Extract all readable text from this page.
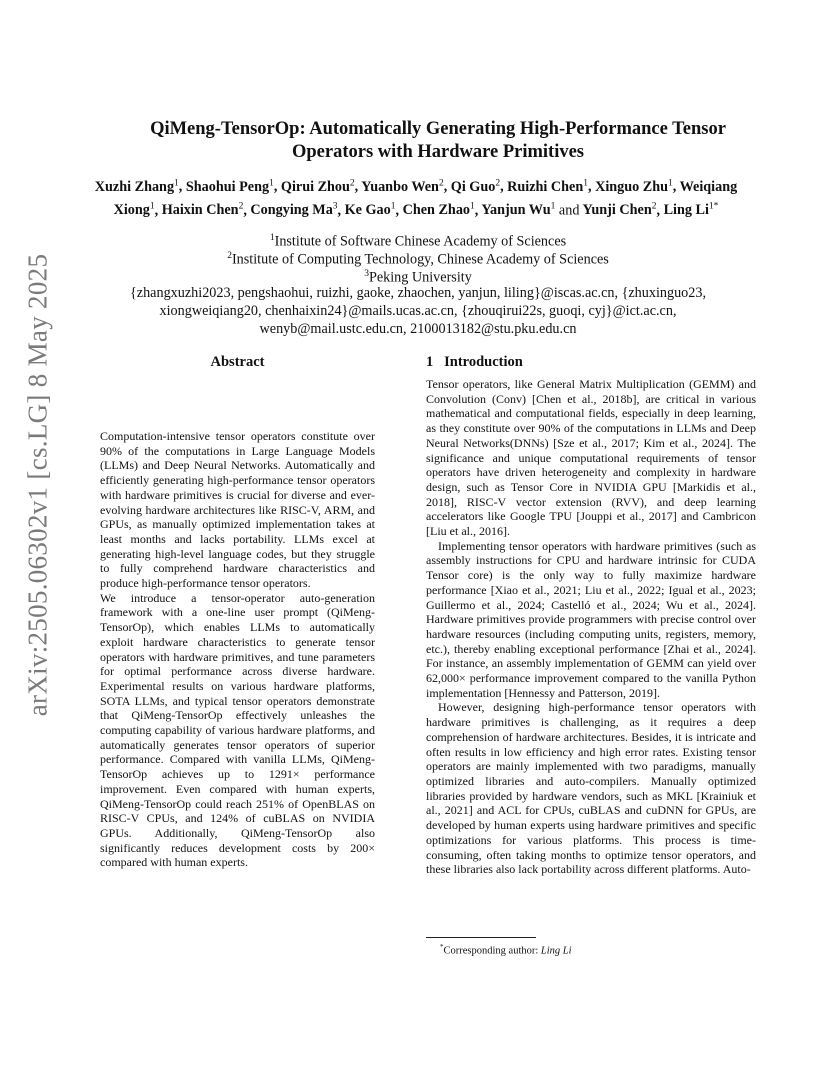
arXiv:2505.06302v1 [cs.LG] 8 May 2025
QiMeng-TensorOp: Automatically Generating High-Performance Tensor
Operators with Hardware Primitives
Xuzhi Zhang$^1$, Shaohui Peng$^1$, Qirui Zhou$^2$, Yuanbo Wen$^2$, Qi Guo$^2$, Ruizhi Chen$^1$, Xinguo Zhu$^1$, Weiqiang Xiong$^1$, Haixin Chen$^2$, Congying Ma$^3$, Ke Gao$^1$, Chen Zhao$^1$, Yanjun Wu$^1$ and Yunji Chen$^2$, Ling $Li^{1*}$
$^1$Institute of Software Chinese Academy of Sciences
$^2$Institute of Computing Technology, Chinese Academy of Sciences
$^3$Peking University
{zhangxuzhi2023, pengshaohui, ruizhi, gaoke, zhaochen, yanjun, liling}@iscas.ac.cn, {zhuxinguo23,
xiongweiqiang20, chenhaixin24}@mails.ucas.ac.cn, {zhouqirui22s, guoqi, cyj}@ict.ac.cn,
wenyb@mail.ustc.edu.cn, 2100013182@stu.pku.edu.cn
Abstract

Computation-intensive tensor operators constitute over 90% of the computations in Large Language Models (LLMs) and Deep Neural Networks. Automatically and efficiently generating high-performance tensor operators with hardware primitives is crucial for diverse and ever-evolving hardware architectures like RISC-V, ARM, and GPUs, as manually optimized implementation takes at least months and lacks portability. LLMs excel at generating high-level language codes, but they struggle to fully comprehend hardware characteristics and produce high-performance tensor operators.

We introduce a tensor-operator auto-generation framework with a one-line user prompt (QiMeng-TensorOp), which enables LLMs to automatically exploit hardware characteristics to generate tensor operators with hardware primitives, and tune parameters for optimal performance across diverse hardware. Experimental results on various hardware platforms, SOTA LLMs, and typical tensor operators demonstrate that QiMeng-TensorOp effectively unleashes the computing capability of various hardware platforms, and automatically generates tensor operators of superior performance. Compared with vanilla LLMs, QiMeng-TensorOp achieves up to 1291× performance improvement. Even compared with human experts, QiMeng-TensorOp could reach 251% of OpenBLAS on RISC-V CPUs, and 124% of cuBLAS on NVIDIA GPUs. Additionally, QiMeng-TensorOp also significantly reduces development costs by 200× compared with human experts.

1   Introduction

Tensor operators, like General Matrix Multiplication (GEMM) and Convolution (Conv) [Chen et al., 2018b], are critical in various mathematical and computational fields, especially in deep learning, as they constitute over 90% of the computations in LLMs and Deep Neural Networks(DNNs) [Sze et al., 2017; Kim et al., 2024]. The significance and unique computational requirements of tensor operators have driven heterogeneity and complexity in hardware design, such as Tensor Core in NVIDIA GPU [Markidis et al., 2018], RISC-V vector extension (RVV), and deep learning accelerators like Google TPU [Jouppi et al., 2017] and Cambricon [Liu et al., 2016].

Implementing tensor operators with hardware primitives (such as assembly instructions for CPU and hardware intrinsic for CUDA Tensor core) is the only way to fully maximize hardware performance [Xiao et al., 2021; Liu et al., 2022; Igual et al., 2023; Guillermo et al., 2024; Castelló et al., 2024; Wu et al., 2024]. Hardware primitives provide programmers with precise control over hardware resources (including computing units, registers, memory, etc.), thereby enabling exceptional performance [Zhai et al., 2024]. For instance, an assembly implementation of GEMM can yield over 62,000× performance improvement compared to the vanilla Python implementation [Hennessy and Patterson, 2019].

However, designing high-performance tensor operators with hardware primitives is challenging, as it requires a deep comprehension of hardware architectures. Besides, it is intricate and often results in low efficiency and high error rates. Existing tensor operators are mainly implemented with two paradigms, manually optimized libraries and auto-compilers. Manually optimized libraries provided by hardware vendors, such as MKL [Krainiuk et al., 2021] and ACL for CPUs, cuBLAS and cuDNN for GPUs, are developed by human experts using hardware primitives and specific optimizations for various platforms. This process is time-consuming, often taking months to optimize tensor operators, and these libraries also lack portability across different platforms. Auto-

*Corresponding author: Ling Li
